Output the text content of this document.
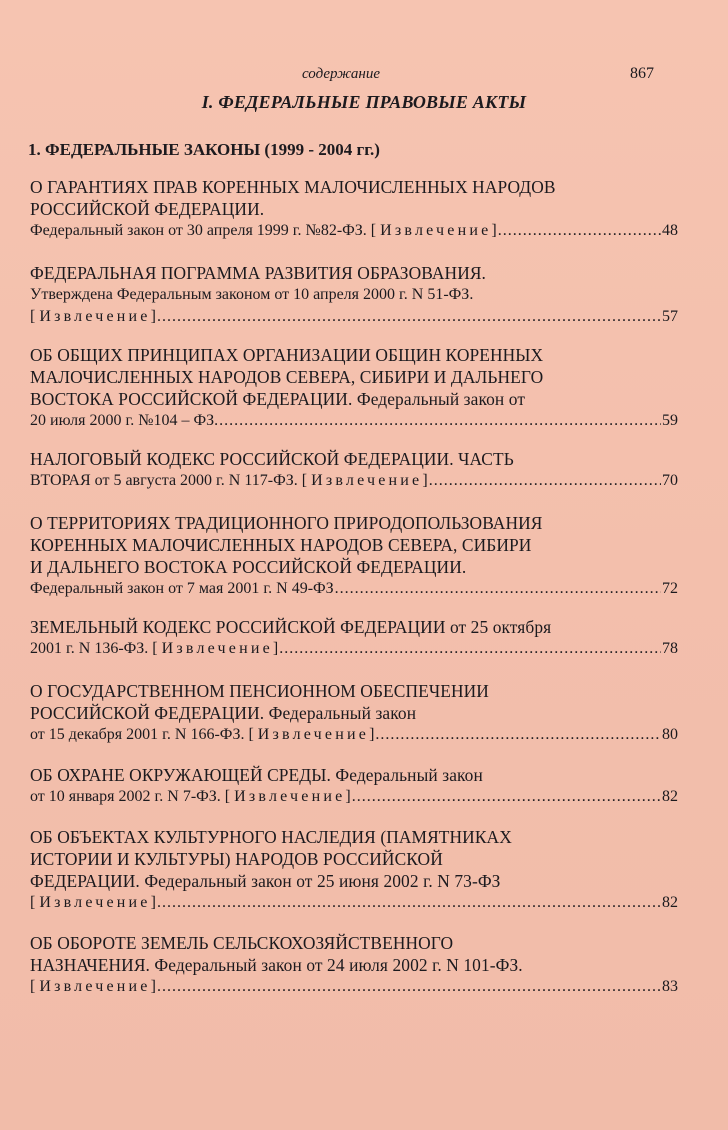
содержание	867
I. ФЕДЕРАЛЬНЫЕ ПРАВОВЫЕ АКТЫ
1. ФЕДЕРАЛЬНЫЕ ЗАКОНЫ (1999 - 2004 гг.)
О ГАРАНТИЯХ ПРАВ КОРЕННЫХ МАЛОЧИСЛЕННЫХ НАРОДОВ
РОССИЙСКОЙ ФЕДЕРАЦИИ.
Федеральный закон от 30 апреля 1999 г. №82-ФЗ. [ Извлечение] .....	48
ФЕДЕРАЛЬНАЯ ПОГРАММА РАЗВИТИЯ ОБРАЗОВАНИЯ.
Утверждена Федеральным законом от 10 апреля 2000 г. N 51-ФЗ.
[ Извлечение] .....	57
ОБ ОБЩИХ ПРИНЦИПАХ ОРГАНИЗАЦИИ ОБЩИН КОРЕННЫХ
МАЛОЧИСЛЕННЫХ НАРОДОВ СЕВЕРА, СИБИРИ И ДАЛЬНЕГО
ВОСТОКА РОССИЙСКОЙ ФЕДЕРАЦИИ. Федеральный закон от
20 июля 2000 г. №104 – ФЗ. .....	59
НАЛОГОВЫЙ КОДЕКС РОССИЙСКОЙ ФЕДЕРАЦИИ. ЧАСТЬ
ВТОРАЯ от 5 августа 2000 г. N 117-ФЗ. [ Извлечение] .....	70
О ТЕРРИТОРИЯХ ТРАДИЦИОННОГО ПРИРОДОПОЛЬЗОВАНИЯ
КОРЕННЫХ МАЛОЧИСЛЕННЫХ НАРОДОВ СЕВЕРА, СИБИРИ
И ДАЛЬНЕГО ВОСТОКА РОССИЙСКОЙ ФЕДЕРАЦИИ.
Федеральный закон от 7 мая 2001 г. N 49-ФЗ .....	72
ЗЕМЕЛЬНЫЙ КОДЕКС РОССИЙСКОЙ ФЕДЕРАЦИИ от 25 октября
2001 г. N 136-ФЗ. [ Извлечение] .....	78
О ГОСУДАРСТВЕННОМ ПЕНСИОННОМ ОБЕСПЕЧЕНИИ
РОССИЙСКОЙ ФЕДЕРАЦИИ. Федеральный закон
от 15 декабря 2001 г. N 166-ФЗ. [ Извлечение] .....	80
ОБ ОХРАНЕ ОКРУЖАЮЩЕЙ СРЕДЫ. Федеральный закон
от 10 января 2002 г. N 7-ФЗ. [ Извлечение] .....	82
ОБ ОБЪЕКТАХ КУЛЬТУРНОГО НАСЛЕДИЯ (ПАМЯТНИКАХ
ИСТОРИИ И КУЛЬТУРЫ) НАРОДОВ РОССИЙСКОЙ
ФЕДЕРАЦИИ. Федеральный закон от 25 июня 2002 г. N 73-ФЗ
[ Извлечение] .....	82
ОБ ОБОРОТЕ ЗЕМЕЛЬ СЕЛЬСКОХОЗЯЙСТВЕННОГО
НАЗНАЧЕНИЯ. Федеральный закон от 24 июля 2002 г. N 101-ФЗ.
[ Извлечение] .....	83
